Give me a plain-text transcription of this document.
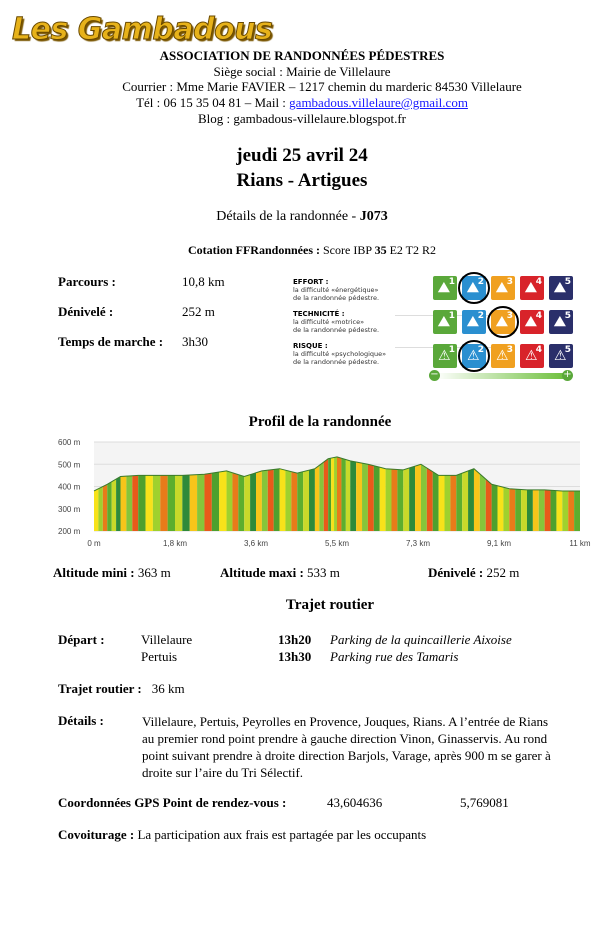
Les Gambadous
ASSOCIATION DE RANDONNÉES PÉDESTRES
Siège social : Mairie de Villelaure
Courrier : Mme Marie FAVIER – 1217 chemin du marderic 84530 Villelaure
Tél : 06 15 35 04 81 – Mail : gambadous.villelaure@gmail.com
Blog : gambadous-villelaure.blogspot.fr
jeudi 25 avril 24
Rians - Artigues
Détails de la randonnée - J073
Cotation FFRandonnées : Score IBP 35 E2 T2 R2
Parcours :	10,8 km
Dénivelé :	252 m
Temps de marche : 3h30
EFFORT :
la difficulté «énergétique»
de la randonnée pédestre.
TECHNICITÉ :
la difficulté «motrice»
de la randonnée pédestre.
RISQUE :
la difficulté «psychologique»
de la randonnée pédestre.
⛰
1 ⛰
2 ⛰
3 ⛰
4 ⛰
5
⛰
1 ⛰
2 ⛰
3 ⛰
4 ⛰
5
⚠
1 ⚠
2 ⚠
3 ⚠
4 ⚠
5
−	+
Profil de la randonnée
600 m
500 m
400 m
300 m
200 m
0 m	1,8 km	3,6 km	5,5 km	7,3 km	9,1 km	11 km
Altitude mini : 363 m	Altitude maxi : 533 m	Dénivelé : 252 m
Trajet routier
Départ :	Villelaure	13h20 Parking de la quincaillerie Aixoise
Pertuis	13h30 Parking rue des Tamaris
Trajet routier : 36 km
Détails :	Villelaure, Pertuis, Peyrolles en Provence, Jouques, Rians. A l’entrée de Rians
au premier rond point prendre à gauche direction Vinon, Ginasservis. Au rond
point suivant prendre à droite direction Barjols, Varage, après 900 m se garer à
droite sur l’aire du Tri Sélectif.
Coordonnées GPS Point de rendez-vous :	43,604636	5,769081
Covoiturage : La participation aux frais est partagée par les occupants
